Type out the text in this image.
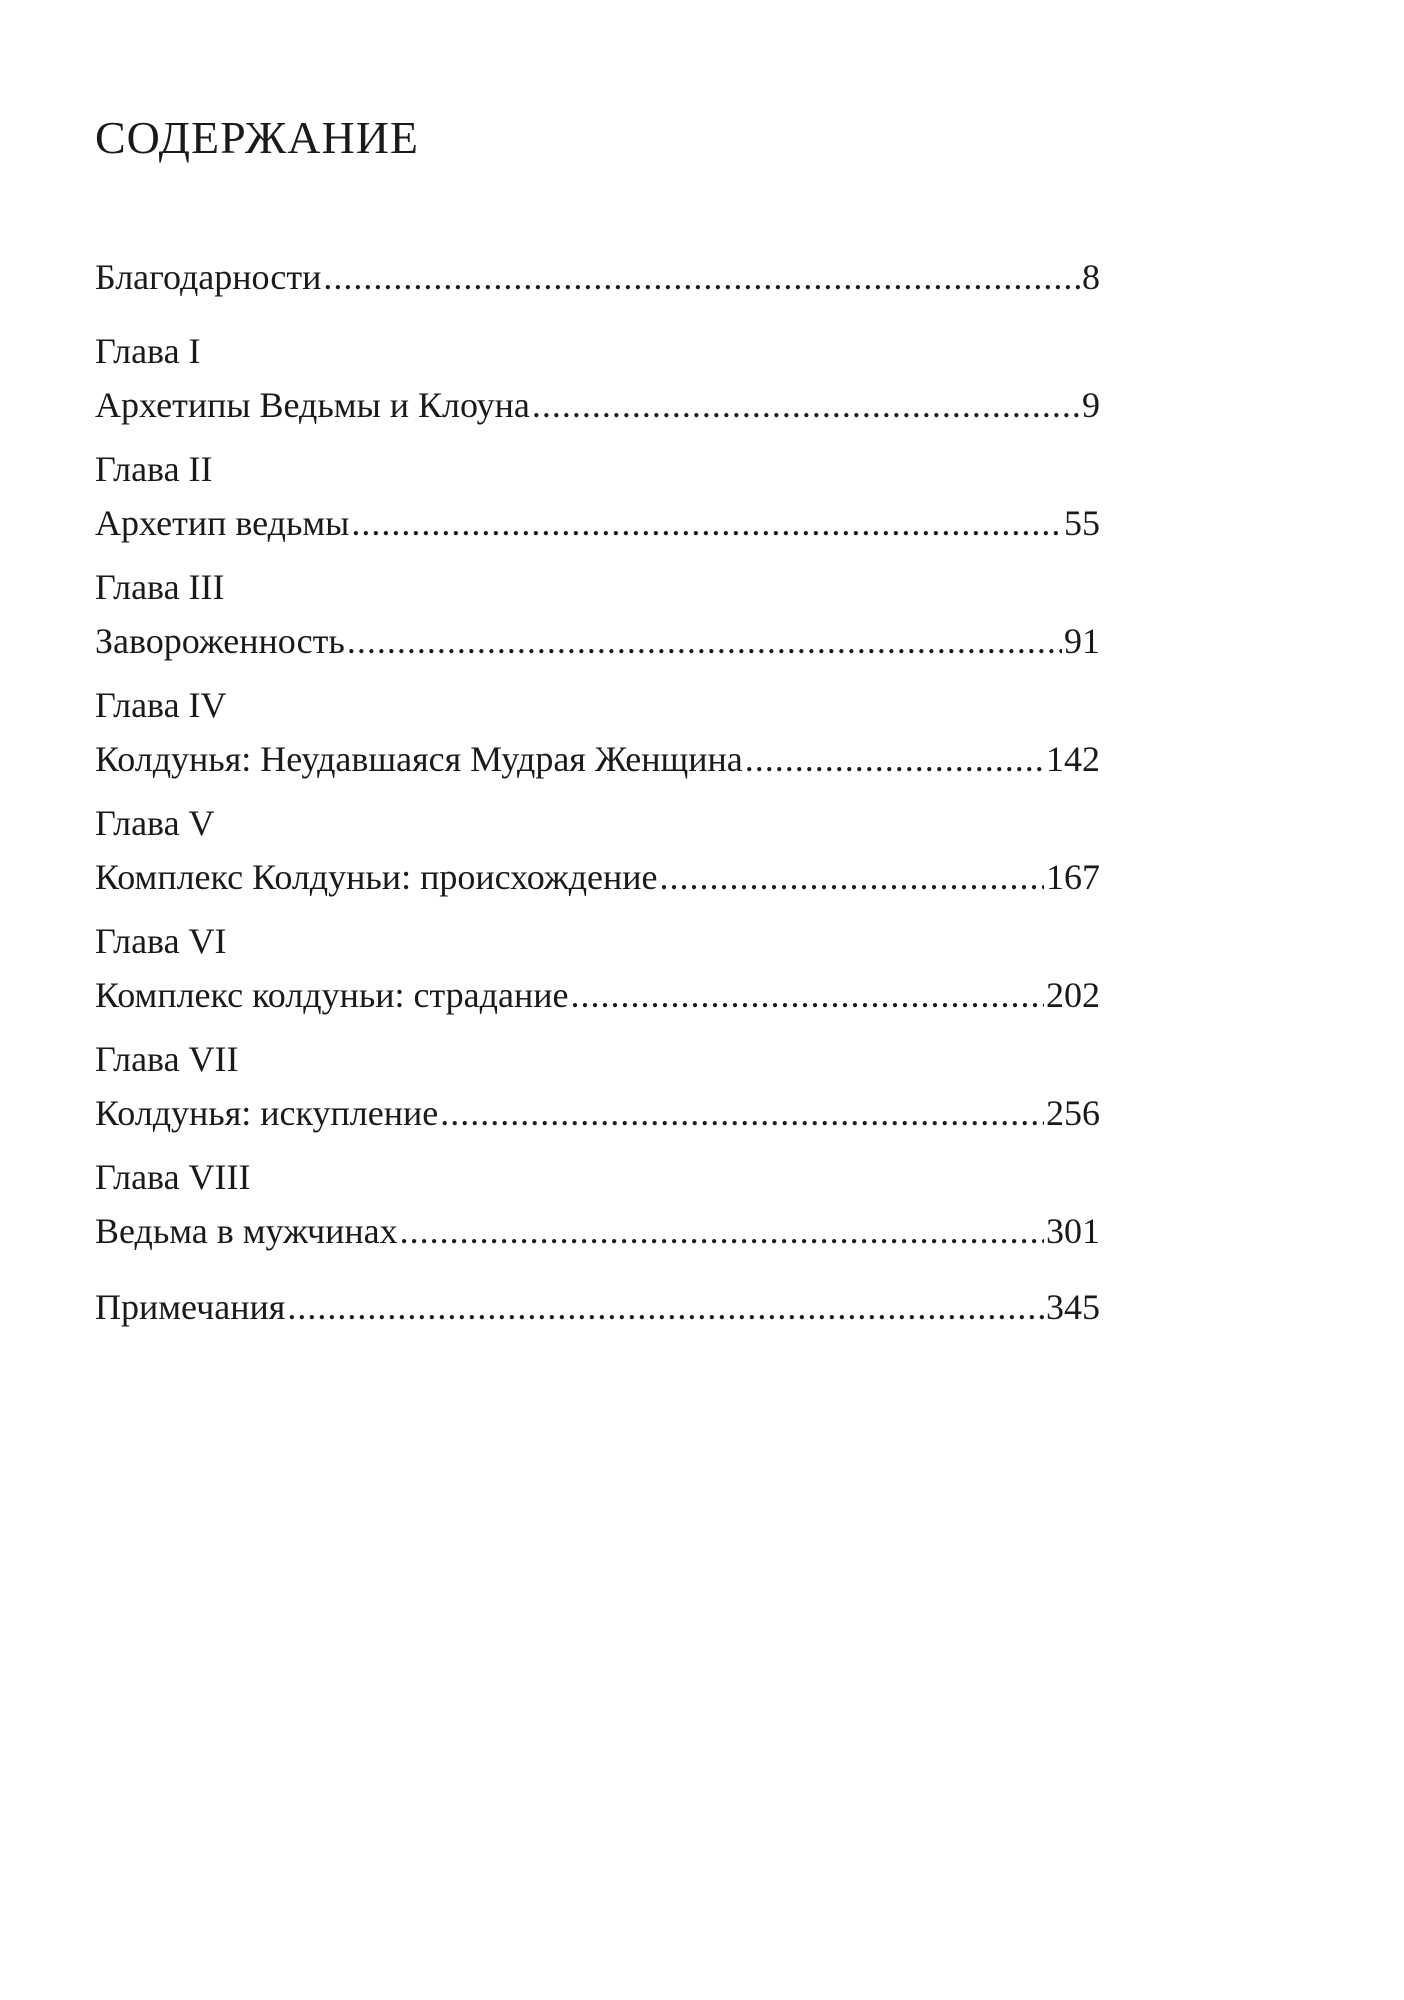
СОДЕРЖАНИЕ
Благодарности .....	8
Глава I
Архетипы Ведьмы и Клоуна .....	9
Глава II
Архетип ведьмы .....	55
Глава III
Завороженность .....	91
Глава IV
Колдунья: Неудавшаяся Мудрая Женщина .....	142
Глава V
Комплекс Колдуньи: происхождение .....	167
Глава VI
Комплекс колдуньи: страдание .....	202
Глава VII
Колдунья: искупление .....	256
Глава VIII
Ведьма в мужчинах .....	301
Примечания .....	345
